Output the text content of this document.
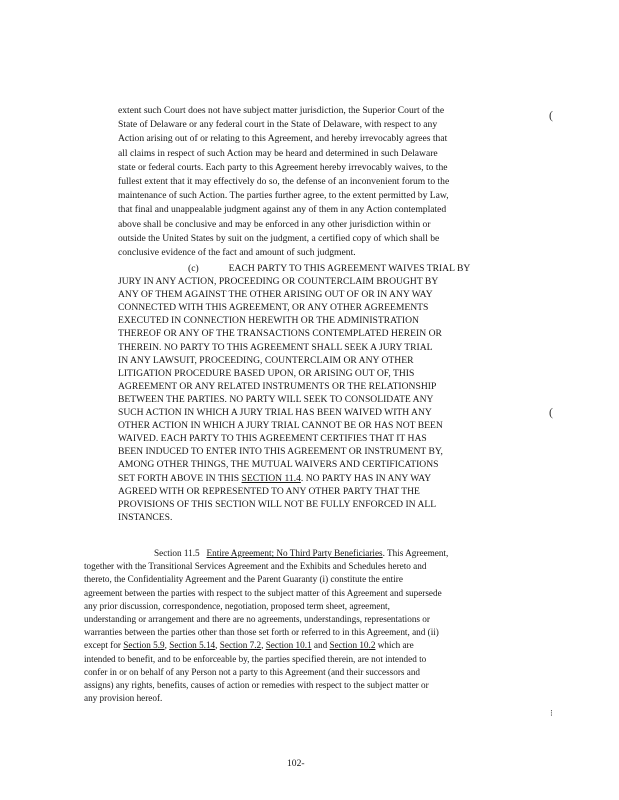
extent such Court does not have subject matter jurisdiction, the Superior Court of the
State of Delaware or any federal court in the State of Delaware, with respect to any
Action arising out of or relating to this Agreement, and hereby irrevocably agrees that
all claims in respect of such Action may be heard and determined in such Delaware
state or federal courts. Each party to this Agreement hereby irrevocably waives, to the
fullest extent that it may effectively do so, the defense of an inconvenient forum to the
maintenance of such Action. The parties further agree, to the extent permitted by Law,
that final and unappealable judgment against any of them in any Action contemplated
above shall be conclusive and may be enforced in any other jurisdiction within or
outside the United States by suit on the judgment, a certified copy of which shall be
conclusive evidence of the fact and amount of such judgment.
(c)	EACH PARTY TO THIS AGREEMENT WAIVES TRIAL BY
JURY IN ANY ACTION, PROCEEDING OR COUNTERCLAIM BROUGHT BY
ANY OF THEM AGAINST THE OTHER ARISING OUT OF OR IN ANY WAY
CONNECTED WITH THIS AGREEMENT, OR ANY OTHER AGREEMENTS
EXECUTED IN CONNECTION HEREWITH OR THE ADMINISTRATION
THEREOF OR ANY OF THE TRANSACTIONS CONTEMPLATED HEREIN OR
THEREIN. NO PARTY TO THIS AGREEMENT SHALL SEEK A JURY TRIAL
IN ANY LAWSUIT, PROCEEDING, COUNTERCLAIM OR ANY OTHER
LITIGATION PROCEDURE BASED UPON, OR ARISING OUT OF, THIS
AGREEMENT OR ANY RELATED INSTRUMENTS OR THE RELATIONSHIP
BETWEEN THE PARTIES. NO PARTY WILL SEEK TO CONSOLIDATE ANY
SUCH ACTION IN WHICH A JURY TRIAL HAS BEEN WAIVED WITH ANY
OTHER ACTION IN WHICH A JURY TRIAL CANNOT BE OR HAS NOT BEEN
WAIVED. EACH PARTY TO THIS AGREEMENT CERTIFIES THAT IT HAS
BEEN INDUCED TO ENTER INTO THIS AGREEMENT OR INSTRUMENT BY,
AMONG OTHER THINGS, THE MUTUAL WAIVERS AND CERTIFICATIONS
SET FORTH ABOVE IN THIS SECTION 11.4. NO PARTY HAS IN ANY WAY
AGREED WITH OR REPRESENTED TO ANY OTHER PARTY THAT THE
PROVISIONS OF THIS SECTION WILL NOT BE FULLY ENFORCED IN ALL
INSTANCES.
Section 11.5 Entire Agreement; No Third Party Beneficiaries. This Agreement,
together with the Transitional Services Agreement and the Exhibits and Schedules hereto and
thereto, the Confidentiality Agreement and the Parent Guaranty (i) constitute the entire
agreement between the parties with respect to the subject matter of this Agreement and supersede
any prior discussion, correspondence, negotiation, proposed term sheet, agreement,
understanding or arrangement and there are no agreements, understandings, representations or
warranties between the parties other than those set forth or referred to in this Agreement, and (ii)
except for Section 5.9, Section 5.14, Section 7.2, Section 10.1 and Section 10.2 which are
intended to benefit, and to be enforceable by, the parties specified therein, are not intended to
confer in or on behalf of any Person not a party to this Agreement (and their successors and
assigns) any rights, benefits, causes of action or remedies with respect to the subject matter or
any provision hereof.
(
(
⁝
102-
